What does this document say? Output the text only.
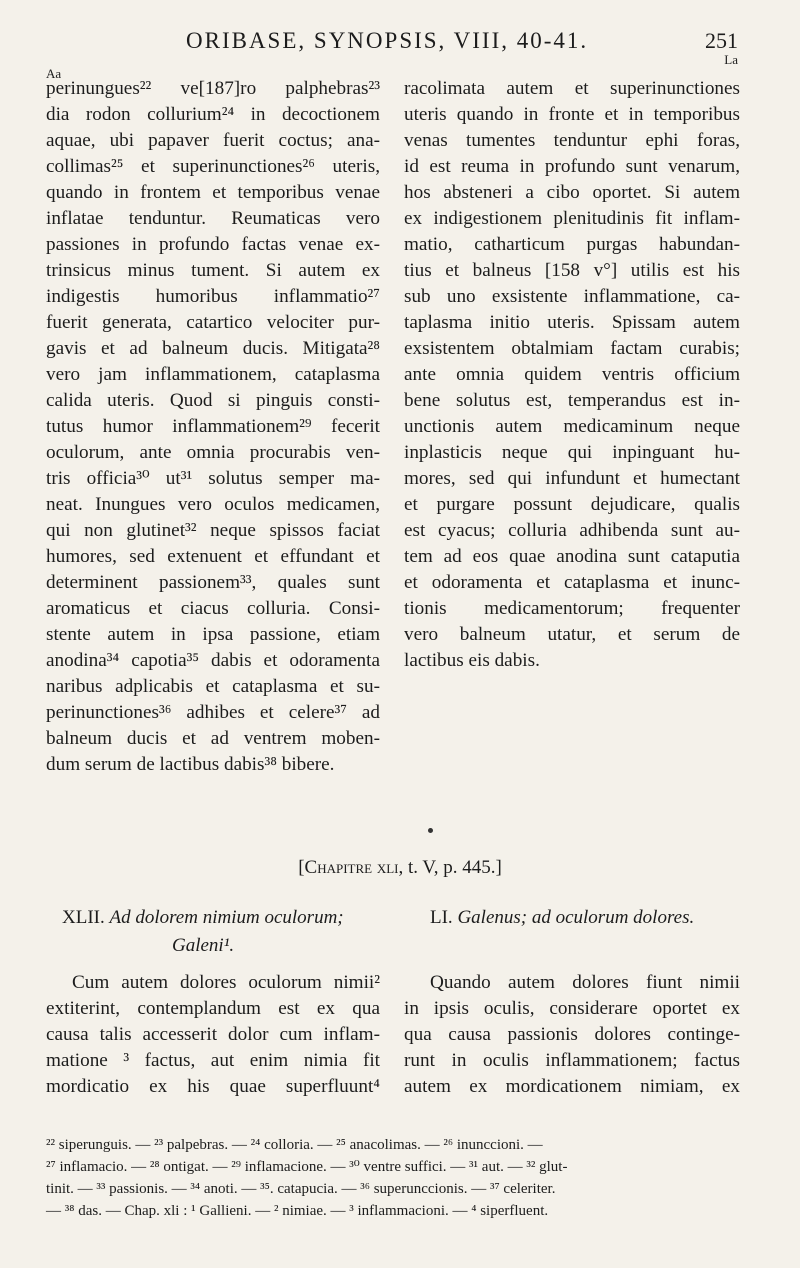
ORIBASE, SYNOPSIS, VIII, 40-41.	251
Aa
La
perinungues²² ve[187]ro palphebras²³
dia rodon collurium²⁴ in decoctionem
aquae, ubi papaver fuerit coctus; ana-
collimas²⁵ et superinunctiones²⁶ uteris,
quando in frontem et temporibus venae
inflatae tenduntur. Reumaticas vero
passiones in profundo factas venae ex-
trinsicus minus tument. Si autem ex
indigestis humoribus inflammatio²⁷
fuerit generata, catartico velociter pur-
gavis et ad balneum ducis. Mitigata²⁸
vero jam inflammationem, cataplasma
calida uteris. Quod si pinguis consti-
tutus humor inflammationem²⁹ fecerit
oculorum, ante omnia procurabis ven-
tris officia³⁰ ut³¹ solutus semper ma-
neat. Inungues vero oculos medicamen,
qui non glutinet³² neque spissos faciat
humores, sed extenuent et effundant et
determinent passionem³³, quales sunt
aromaticus et ciacus colluria. Consi-
stente autem in ipsa passione, etiam
anodina³⁴ capotia³⁵ dabis et odoramenta
naribus adplicabis et cataplasma et su-
perinunctiones³⁶ adhibes et celere³⁷ ad
balneum ducis et ad ventrem moben-
dum serum de lactibus dabis³⁸ bibere.
racolimata autem et superinunctiones
uteris quando in fronte et in temporibus
venas tumentes tenduntur ephi foras,
id est reuma in profundo sunt venarum,
hos absteneri a cibo oportet. Si autem
ex indigestionem plenitudinis fit inflam-
matio, catharticum purgas habundan-
tius et balneus [158 v°] utilis est his
sub uno exsistente inflammatione, ca-
taplasma initio uteris. Spissam autem
exsistentem obtalmiam factam curabis;
ante omnia quidem ventris officium
bene solutus est, temperandus est in-
unctionis autem medicaminum neque
inplasticis neque qui inpinguant hu-
mores, sed qui infundunt et humectant
et purgare possunt dejudicare, qualis
est cyacus; colluria adhibenda sunt au-
tem ad eos quae anodina sunt cataputia
et odoramenta et cataplasma et inunc-
tionis medicamentorum; frequenter
vero balneum utatur, et serum de
lactibus eis dabis.
[Chapitre xli, t. V, p. 445.]
XLII. Ad dolorem nimium oculorum;
Galeni¹.
LI. Galenus; ad oculorum dolores.
Cum autem dolores oculorum nimii²
extiterint, contemplandum est ex qua
causa talis accesserit dolor cum inflam-
matione ³ factus, aut enim nimia fit
mordicatio ex his quae superfluunt⁴
Quando autem dolores fiunt nimii
in ipsis oculis, considerare oportet ex
qua causa passionis dolores continge-
runt in oculis inflammationem; factus
autem ex mordicationem nimiam, ex
²² siperunguis. — ²³ palpebras. — ²⁴ colloria. — ²⁵ anacolimas. — ²⁶ inunccioni. —
²⁷ inflamacio. — ²⁸ ontigat. — ²⁹ inflamacione. — ³⁰ ventre suffici. — ³¹ aut. — ³² glut-
tinit. — ³³ passionis. — ³⁴ anoti. — ³⁵. catapucia. — ³⁶ superunccionis. — ³⁷ celeriter.
— ³⁸ das. — Chap. xli : ¹ Gallieni. — ² nimiae. — ³ inflammacioni. — ⁴ siperfluent.
